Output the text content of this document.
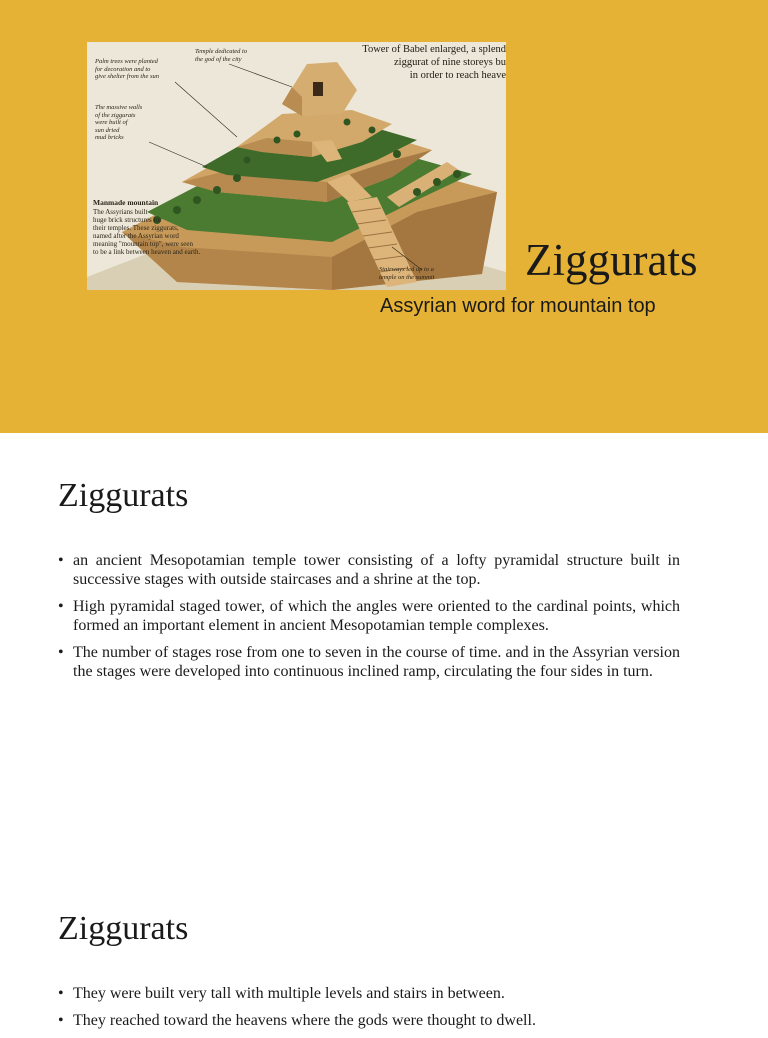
Tower of Babel enlarged, a splend
ziggurat of nine storeys bu
in order to reach heave
Palm trees were planted
for decoration and to
give shelter from the sun
Temple dedicated to
the god of the city
The massive walls
of the ziggurats
were built of
sun dried
mud bricks
Manmade mountain
The Assyrians built
huge brick structures for
their temples. These ziggurats,
named after the Assyrian word
meaning "mountain top", were seen
to be a link between heaven and earth.
Stairways led up to a
temple on the summit Ziggurats
Assyrian word for mountain top
Ziggurats
• an ancient Mesopotamian temple tower consisting of a lofty pyramidal structure built in successive stages with outside staircases and a shrine at the top.
• High pyramidal staged tower, of which the angles were oriented to the cardinal points, which formed an important element in ancient Mesopotamian temple complexes.
• The number of stages rose from one to seven in the course of time. and in the Assyrian version the stages were developed into continuous inclined ramp, circulating the four sides in turn.
Ziggurats
• They were built very tall with multiple levels and stairs in between.
• They reached toward the heavens where the gods were thought to dwell.
